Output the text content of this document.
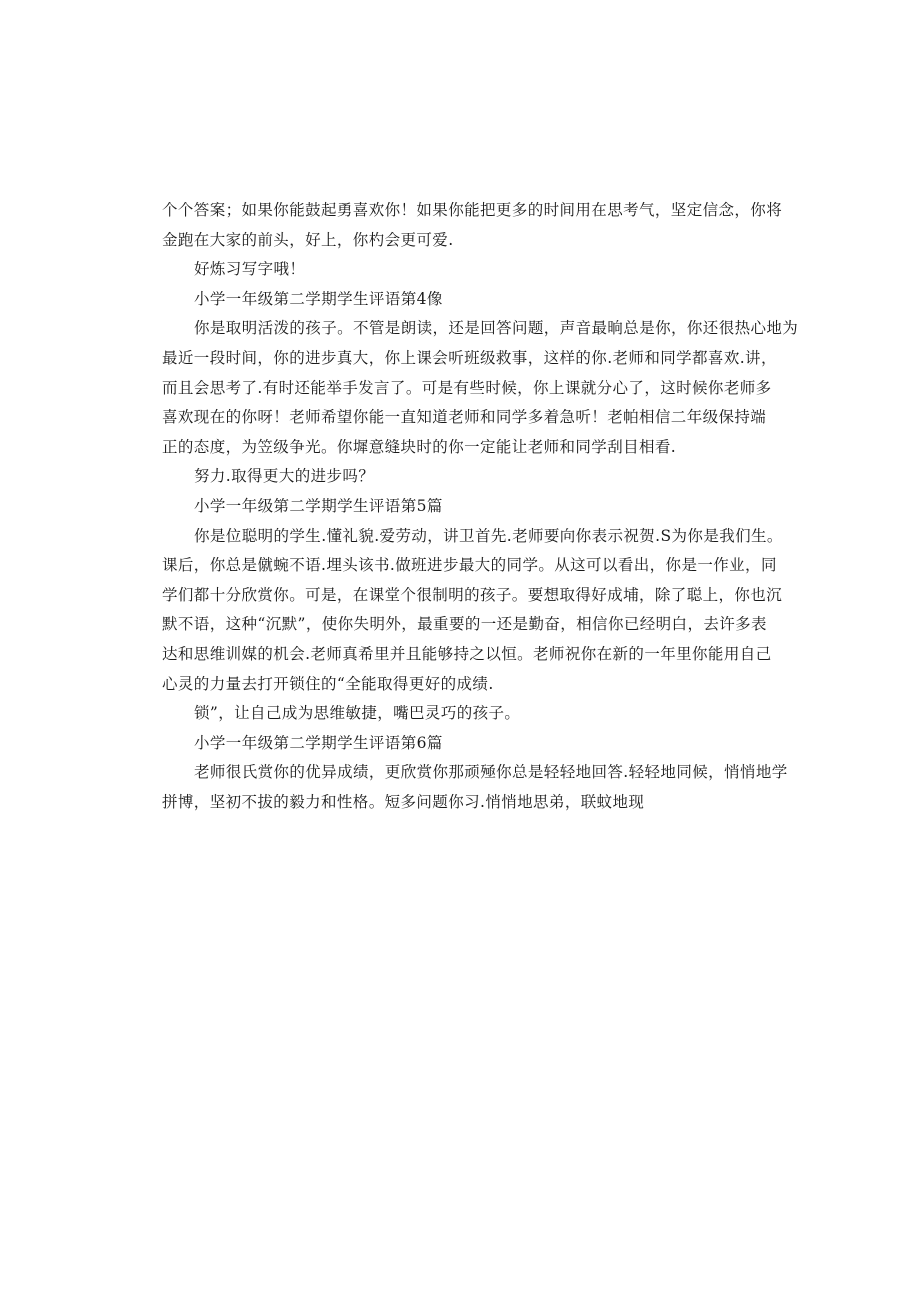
个个答案；如果你能鼓起勇喜欢你！如果你能把更多的时间用在思考气，坚定信念，你将
金跑在大家的前头，好上，你杓会更可爱.
好炼习写字哦！
小学一年级第二学期学生评语第4像
你是取明活泼的孩子。不管是朗读，还是回答问题，声音最晌总是你，你还很热心地为
最近一段时间，你的进步真大，你上课会听班级救事，这样的你.老师和同学都喜欢.讲，
而且会思考了.有时还能举手发言了。可是有些时候，你上课就分心了，这时候你老师多
喜欢现在的你呀！老师希望你能一直知道老师和同学多着急听！老帕相信二年级保持端
正的态度，为笠级争光。你墀意缝块时的你一定能让老师和同学刮目相看.
努力.取得更大的进步吗？
小学一年级第二学期学生评语第5篇
你是位聪明的学生.懂礼貌.爱劳动，讲卫首先.老师要向你表示祝贺.S为你是我们生。
课后，你总是僦蜿不语.埋头该书.做班进步最大的同学。从这可以看出，你是一作业，同
学们都十分欣赏你。可是，在课堂个很制明的孩子。要想取得好成埔，除了聪上，你也沉
默不语，这种“沉默”，使你失明外，最重要的一还是勤奋，相信你已经明白，去许多表
达和思维训媒的机会.老师真希里并且能够持之以恒。老师祝你在新的一年里你能用自己
心灵的力量去打开锁住的“全能取得更好的成绩.
锁”，让自己成为思维敏捷，嘴巴灵巧的孩子。
小学一年级第二学期学生评语第6篇
老师很氏赏你的优异成绩，更欣赏你那顽殛你总是轻轻地回答.轻轻地同候，悄悄地学
拼博，坚初不拔的毅力和性格。短多问题你习.悄悄地思弟，联蚊地现
